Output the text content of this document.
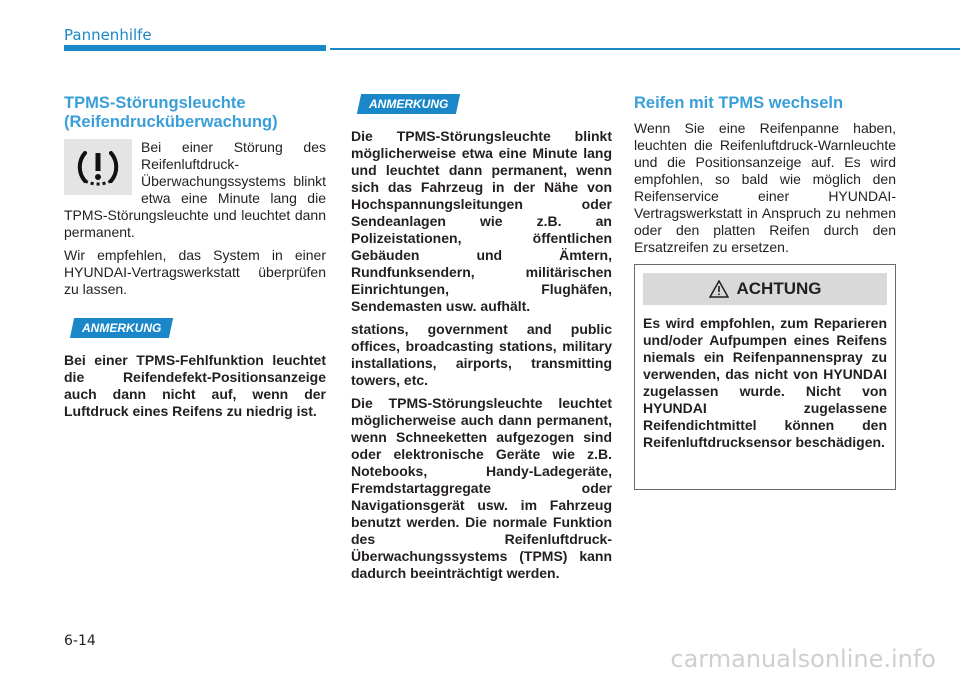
Pannenhilfe
TPMS-Störungsleuchte (Reifendrucküberwachung)

Bei einer Störung des Reifenluftdruck-Überwachungssystems blinkt etwa eine Minute lang die TPMS-Störungsleuchte und leuchtet dann permanent.

Wir empfehlen, das System in einer HYUNDAI-Vertragswerkstatt überprüfen zu lassen.

ANMERKUNG

Bei einer TPMS-Fehlfunktion leuchtet die Reifendefekt-Positionsanzeige auch dann nicht auf, wenn der Luftdruck eines Reifens zu niedrig ist.

ANMERKUNG

Die TPMS-Störungsleuchte blinkt möglicherweise etwa eine Minute lang und leuchtet dann permanent, wenn sich das Fahrzeug in der Nähe von Hochspannungsleitungen oder Sendeanlagen wie z.B. an Polizeistationen, öffentlichen Gebäuden und Ämtern, Rundfunksendern, militärischen Einrichtungen, Flughäfen, Sendemasten usw. aufhält.

stations, government and public offices, broadcasting stations, military installations, airports, transmitting towers, etc.

Die TPMS-Störungsleuchte leuchtet möglicherweise auch dann permanent, wenn Schneeketten aufgezogen sind oder elektronische Geräte wie z.B. Notebooks, Handy-Ladegeräte, Fremdstartaggregate oder Navigationsgerät usw. im Fahrzeug benutzt werden. Die normale Funktion des Reifenluftdruck-Überwachungssystems (TPMS) kann dadurch beeinträchtigt werden.

Reifen mit TPMS wechseln

Wenn Sie eine Reifenpanne haben, leuchten die Reifenluftdruck-Warnleuchte und die Positionsanzeige auf. Es wird empfohlen, so bald wie möglich den Reifenservice einer HYUNDAI-Vertragswerkstatt in Anspruch zu nehmen oder den platten Reifen durch den Ersatzreifen zu ersetzen.

ACHTUNG

Es wird empfohlen, zum Reparieren und/oder Aufpumpen eines Reifens niemals ein Reifenpannenspray zu verwenden, das nicht von HYUNDAI zugelassen wurde. Nicht von HYUNDAI zugelassene Reifendichtmittel können den Reifenluftdrucksensor beschädigen.

6-14
carmanualsonline.info
